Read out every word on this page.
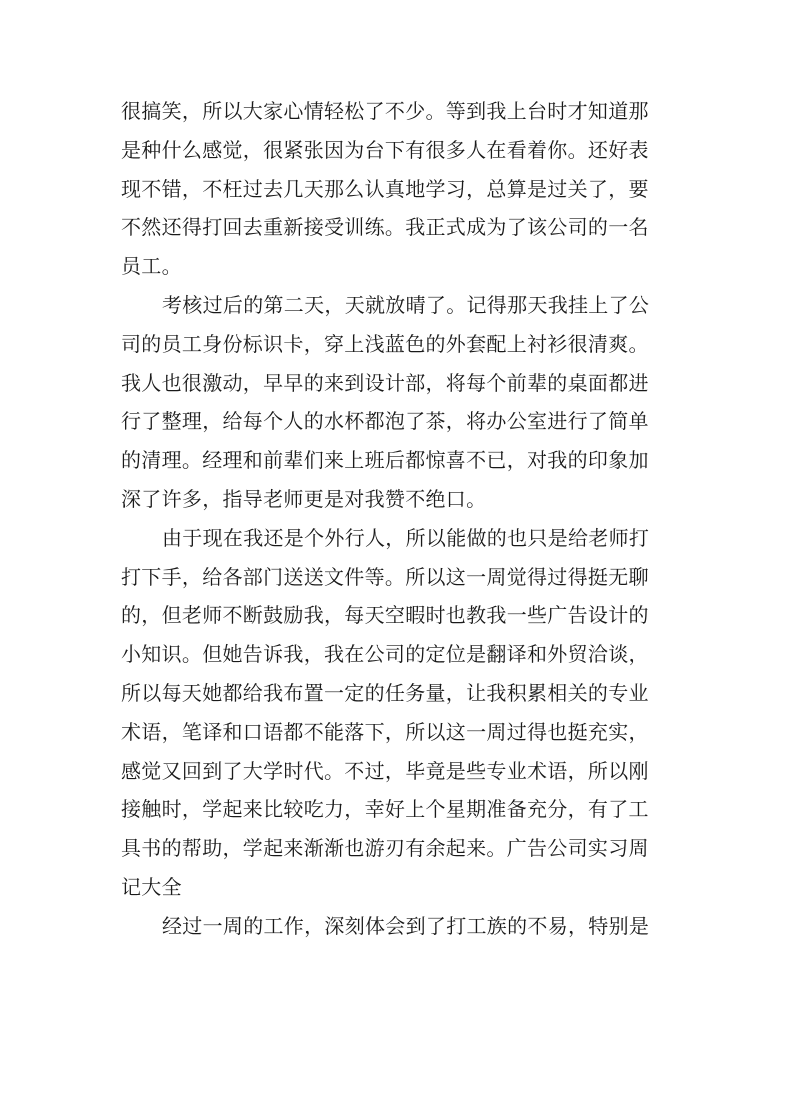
很搞笑，所以大家心情轻松了不少。等到我上台时才知道那
是种什么感觉，很紧张因为台下有很多人在看着你。还好表
现不错，不枉过去几天那么认真地学习，总算是过关了，要
不然还得打回去重新接受训练。我正式成为了该公司的一名
员工。
考核过后的第二天，天就放晴了。记得那天我挂上了公
司的员工身份标识卡，穿上浅蓝色的外套配上衬衫很清爽。
我人也很激动，早早的来到设计部，将每个前辈的桌面都进
行了整理，给每个人的水杯都泡了茶，将办公室进行了简单
的清理。经理和前辈们来上班后都惊喜不已，对我的印象加
深了许多，指导老师更是对我赞不绝口。
由于现在我还是个外行人，所以能做的也只是给老师打
打下手，给各部门送送文件等。所以这一周觉得过得挺无聊
的，但老师不断鼓励我，每天空暇时也教我一些广告设计的
小知识。但她告诉我，我在公司的定位是翻译和外贸洽谈，
所以每天她都给我布置一定的任务量，让我积累相关的专业
术语，笔译和口语都不能落下，所以这一周过得也挺充实，
感觉又回到了大学时代。不过，毕竟是些专业术语，所以刚
接触时，学起来比较吃力，幸好上个星期准备充分，有了工
具书的帮助，学起来渐渐也游刃有余起来。广告公司实习周
记大全
经过一周的工作，深刻体会到了打工族的不易，特别是
